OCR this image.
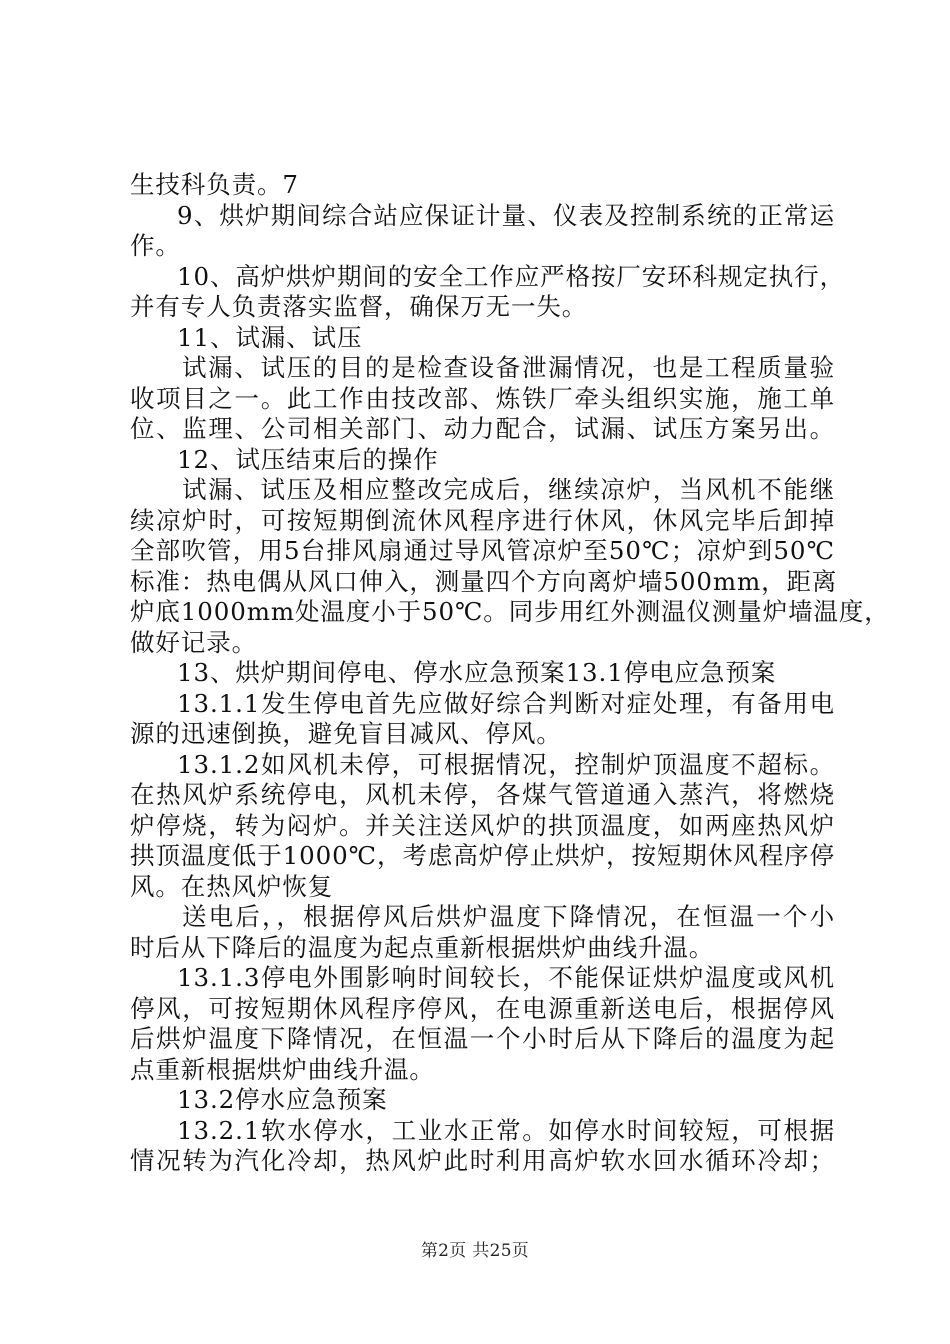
生技科负责。7
9、烘炉期间综合站应保证计量、仪表及控制系统的正常运
作。
10、高炉烘炉期间的安全工作应严格按厂安环科规定执行，
并有专人负责落实监督，确保万无一失。
11、试漏、试压
试漏、试压的目的是检查设备泄漏情况，也是工程质量验
收项目之一。此工作由技改部、炼铁厂牵头组织实施，施工单
位、监理、公司相关部门、动力配合，试漏、试压方案另出。
12、试压结束后的操作
试漏、试压及相应整改完成后，继续凉炉，当风机不能继
续凉炉时，可按短期倒流休风程序进行休风，休风完毕后卸掉
全部吹管，用5台排风扇通过导风管凉炉至50℃；凉炉到50℃
标准：热电偶从风口伸入，测量四个方向离炉墙500mm，距离
炉底1000mm处温度小于50℃。同步用红外测温仪测量炉墙温度，
做好记录。
13、烘炉期间停电、停水应急预案13.1停电应急预案
13.1.1发生停电首先应做好综合判断对症处理，有备用电
源的迅速倒换，避免盲目减风、停风。
13.1.2如风机未停，可根据情况，控制炉顶温度不超标。
在热风炉系统停电，风机未停，各煤气管道通入蒸汽，将燃烧
炉停烧，转为闷炉。并关注送风炉的拱顶温度，如两座热风炉
拱顶温度低于1000℃，考虑高炉停止烘炉，按短期休风程序停
风。在热风炉恢复
送电后，，根据停风后烘炉温度下降情况，在恒温一个小
时后从下降后的温度为起点重新根据烘炉曲线升温。
13.1.3停电外围影响时间较长，不能保证烘炉温度或风机
停风，可按短期休风程序停风，在电源重新送电后，根据停风
后烘炉温度下降情况，在恒温一个小时后从下降后的温度为起
点重新根据烘炉曲线升温。
13.2停水应急预案
13.2.1软水停水，工业水正常。如停水时间较短，可根据
情况转为汽化冷却，热风炉此时利用高炉软水回水循环冷却；
第2页 共25页
